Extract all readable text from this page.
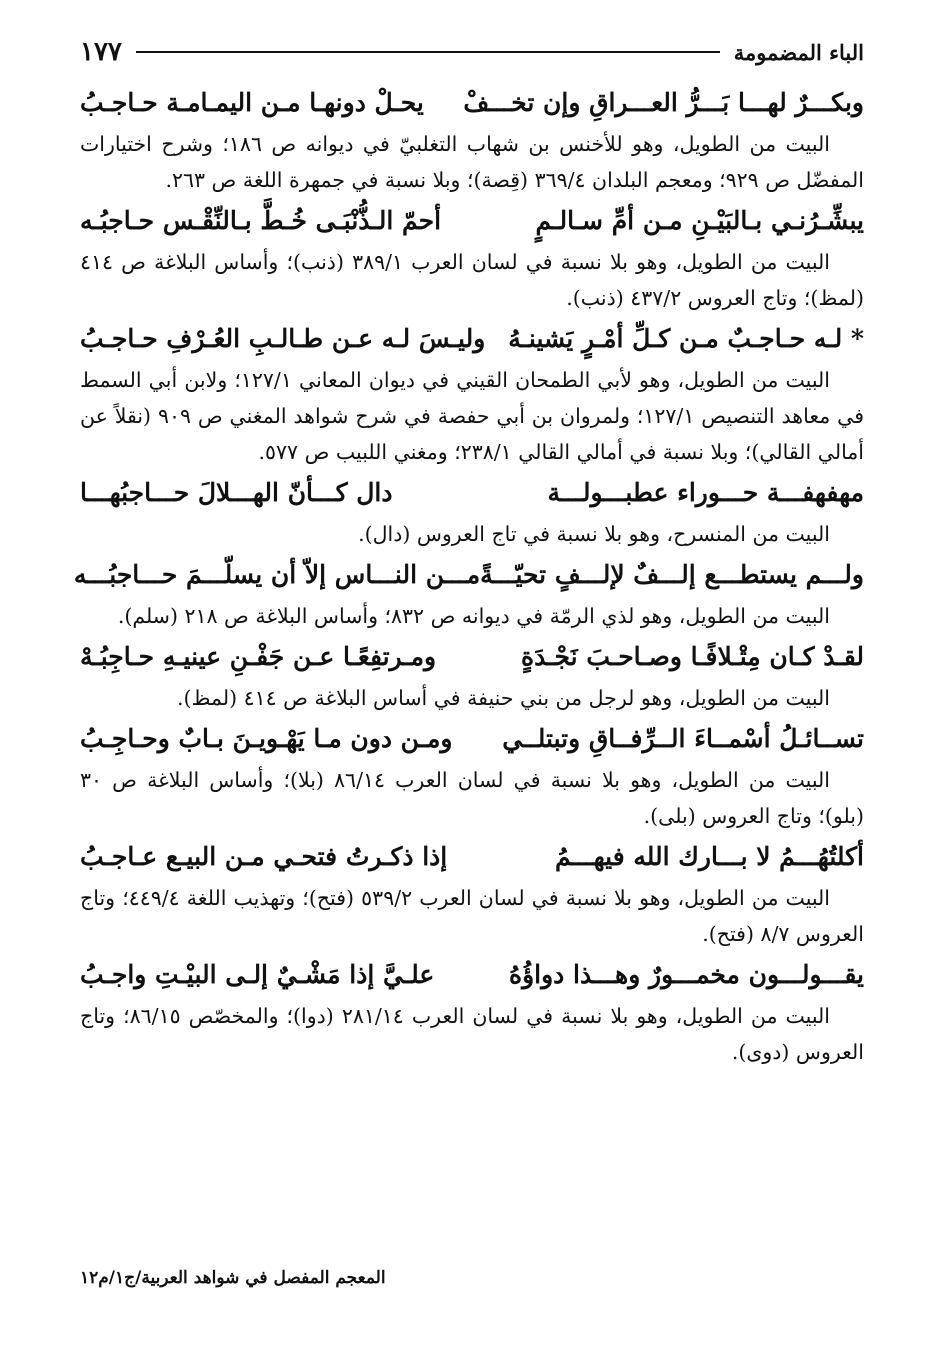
الباء المضمومة
١٧٧
وبكـــرٌ لهـــا بَـــرُّ العـــراقِ وإن تخـــفْ
يحـلْ دونهـا مـن اليمـامـة حـاجـبُ

البيت من الطويل، وهو للأخنس بن شهاب التغلبيّ في ديوانه ص ١٨٦؛ وشرح اختيارات المفضّل ص ٩٢٩؛ ومعجم البلدان ٣٦٩/٤ (قِصة)؛ وبلا نسبة في جمهرة اللغة ص ٢٦٣.

يبشِّـرُنـي بـالبَيْـنِ مـن أمِّ سـالـمٍ
أحمّ الـذُّنْبَـى خُـطَّ بـالنِّقْـس حـاجبُـه

البيت من الطويل، وهو بلا نسبة في لسان العرب ٣٨٩/١ (ذنب)؛ وأساس البلاغة ص ٤١٤ (لمظ)؛ وتاج العروس ٤٣٧/٢ (ذنب).

* لـه حـاجـبٌ مـن كـلِّ أمْـرٍ يَشينـهُ
وليـسَ لـه عـن طـالـبِ العُـرْفِ حـاجـبُ

البيت من الطويل، وهو لأبي الطمحان القيني في ديوان المعاني ١٢٧/١؛ ولابن أبي السمط في معاهد التنصيص ١٢٧/١؛ ولمروان بن أبي حفصة في شرح شواهد المغني ص ٩٠٩ (نقلاً عن أمالي القالي)؛ وبلا نسبة في أمالي القالي ٢٣٨/١؛ ومغني اللبيب ص ٥٧٧.

مهفهفـــة حـــوراء عطبـــولـــة
دال كـــأنّ الهـــلالَ حـــاجبُهـــا

البيت من المنسرح، وهو بلا نسبة في تاج العروس (دال).

ولـــم يستطـــع إلـــفٌ لإلـــفٍ تحيّـــةً
مـــن النـــاس إلاّ أن يسلّـــمَ حـــاجبُـــه

البيت من الطويل، وهو لذي الرمّة في ديوانه ص ٨٣٢؛ وأساس البلاغة ص ٢١٨ (سلم).

لقـدْ كـان مِتْـلافًـا وصـاحـبَ نَجْـدَةٍ
ومـرتفِعًـا عـن جَفْـنِ عينيـهِ حـاجِبُـهْ

البيت من الطويل، وهو لرجل من بني حنيفة في أساس البلاغة ص ٤١٤ (لمظ).

تســائـلُ أسْمــاءَ الــرِّفــاقِ وتبتلــي
ومـن دون مـا يَهْـويـنَ بـابٌ وحـاجِـبُ

البيت من الطويل، وهو بلا نسبة في لسان العرب ٨٦/١٤ (بلا)؛ وأساس البلاغة ص ٣٠ (بلو)؛ وتاج العروس (بلى).

أكلتُهُـــمُ لا بـــارك الله فيهـــمُ
إذا ذكـرتُ فتحـي مـن البيـع عـاجـبُ

البيت من الطويل، وهو بلا نسبة في لسان العرب ٥٣٩/٢ (فتح)؛ وتهذيب اللغة ٤٤٩/٤؛ وتاج العروس ٨/٧ (فتح).

يقـــولـــون مخمـــورٌ وهـــذا دواؤُهُ
علـيَّ إذا مَشْـيٌ إلـى البيْـتِ واجـبُ

البيت من الطويل، وهو بلا نسبة في لسان العرب ٢٨١/١٤ (دوا)؛ والمخصّص ٨٦/١٥؛ وتاج العروس (دوى).

المعجم المفصل في شواهد العربية/ج١/م١٢
